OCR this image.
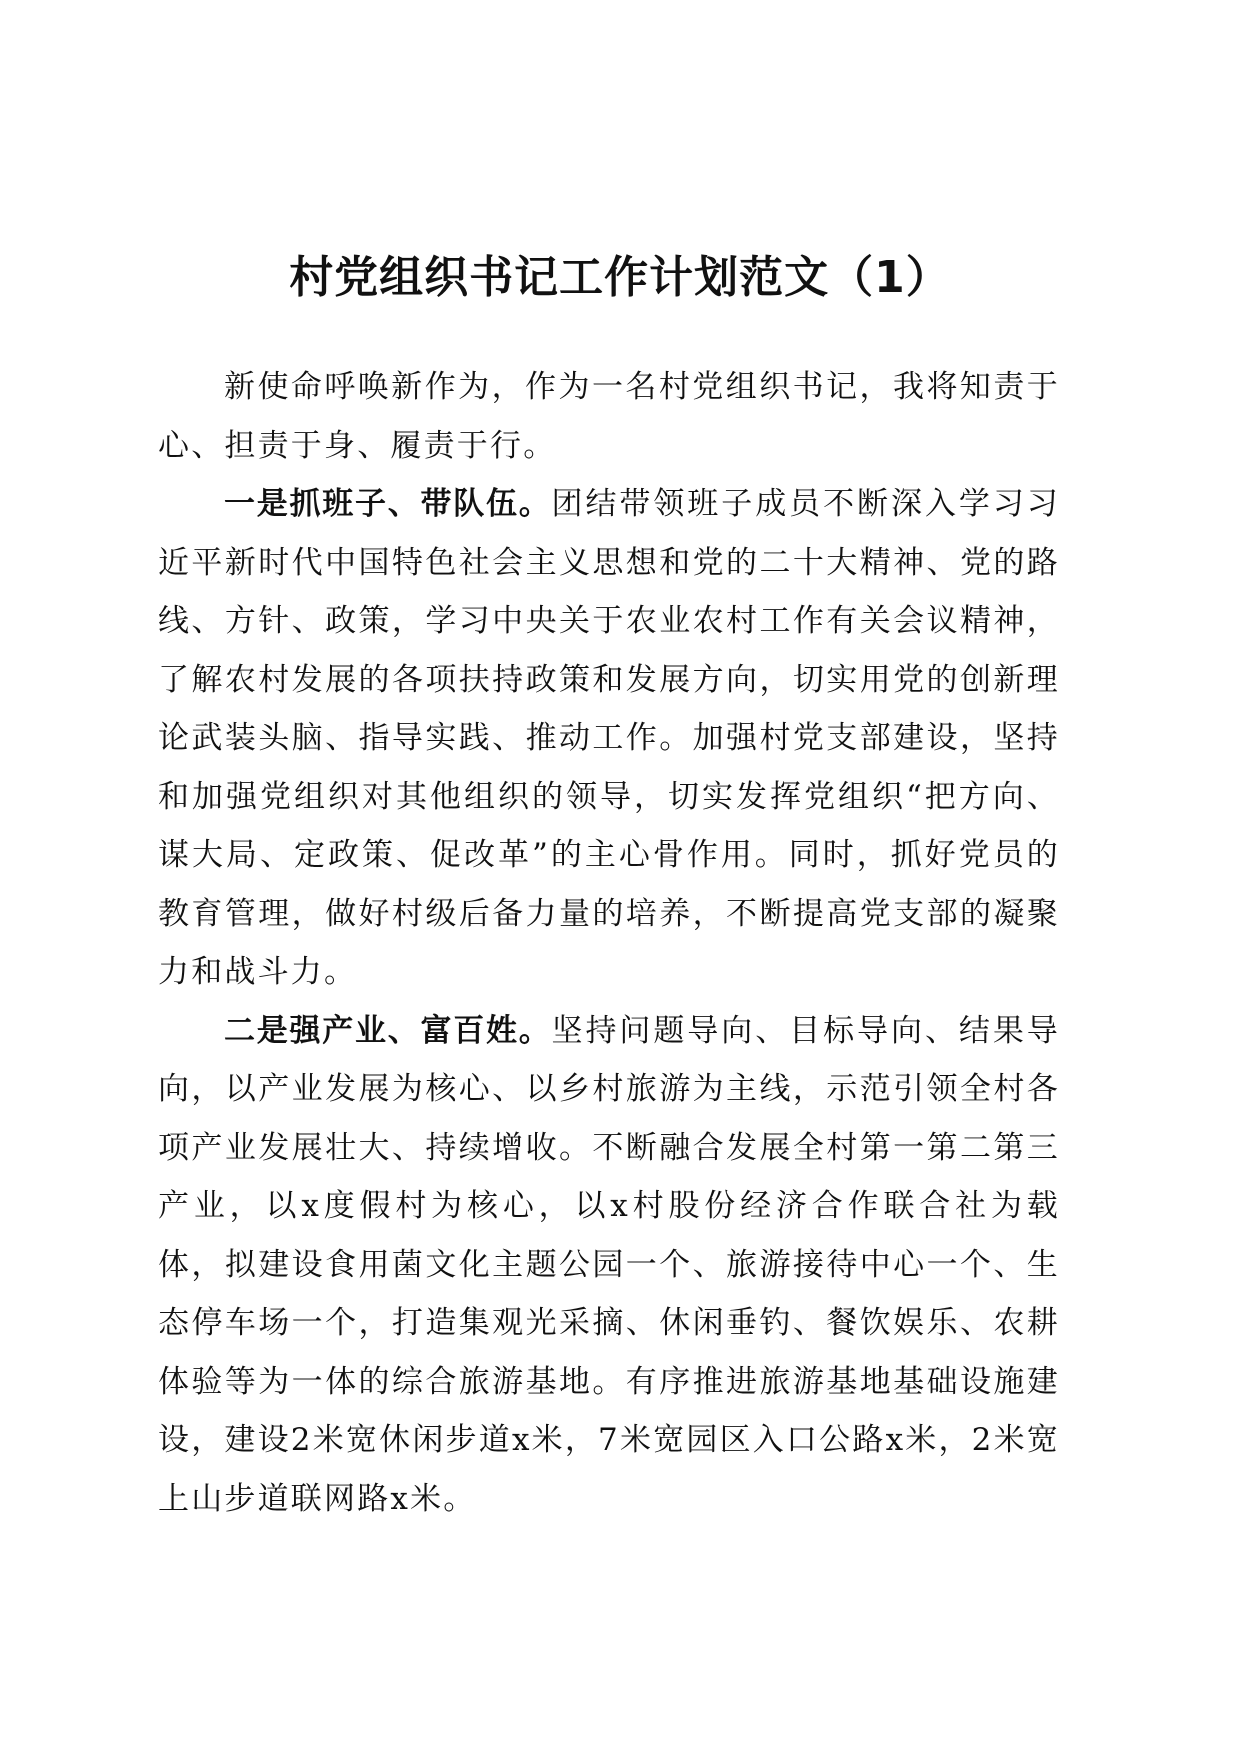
村党组织书记工作计划范文（1）

新使命呼唤新作为，作为一名村党组织书记，我将知责于心、担责于身、履责于行。

一是抓班子、带队伍。团结带领班子成员不断深入学习习近平新时代中国特色社会主义思想和党的二十大精神、党的路线、方针、政策，学习中央关于农业农村工作有关会议精神，了解农村发展的各项扶持政策和发展方向，切实用党的创新理论武装头脑、指导实践、推动工作。加强村党支部建设，坚持和加强党组织对其他组织的领导，切实发挥党组织“把方向、谋大局、定政策、促改革”的主心骨作用。同时，抓好党员的教育管理，做好村级后备力量的培养，不断提高党支部的凝聚力和战斗力。

二是强产业、富百姓。坚持问题导向、目标导向、结果导向，以产业发展为核心、以乡村旅游为主线，示范引领全村各项产业发展壮大、持续增收。不断融合发展全村第一第二第三产业，以x度假村为核心，以x村股份经济合作联合社为载体，拟建设食用菌文化主题公园一个、旅游接待中心一个、生态停车场一个，打造集观光采摘、休闲垂钓、餐饮娱乐、农耕体验等为一体的综合旅游基地。有序推进旅游基地基础设施建设，建设2米宽休闲步道x米，7米宽园区入口公路x米，2米宽上山步道联网路x米。
